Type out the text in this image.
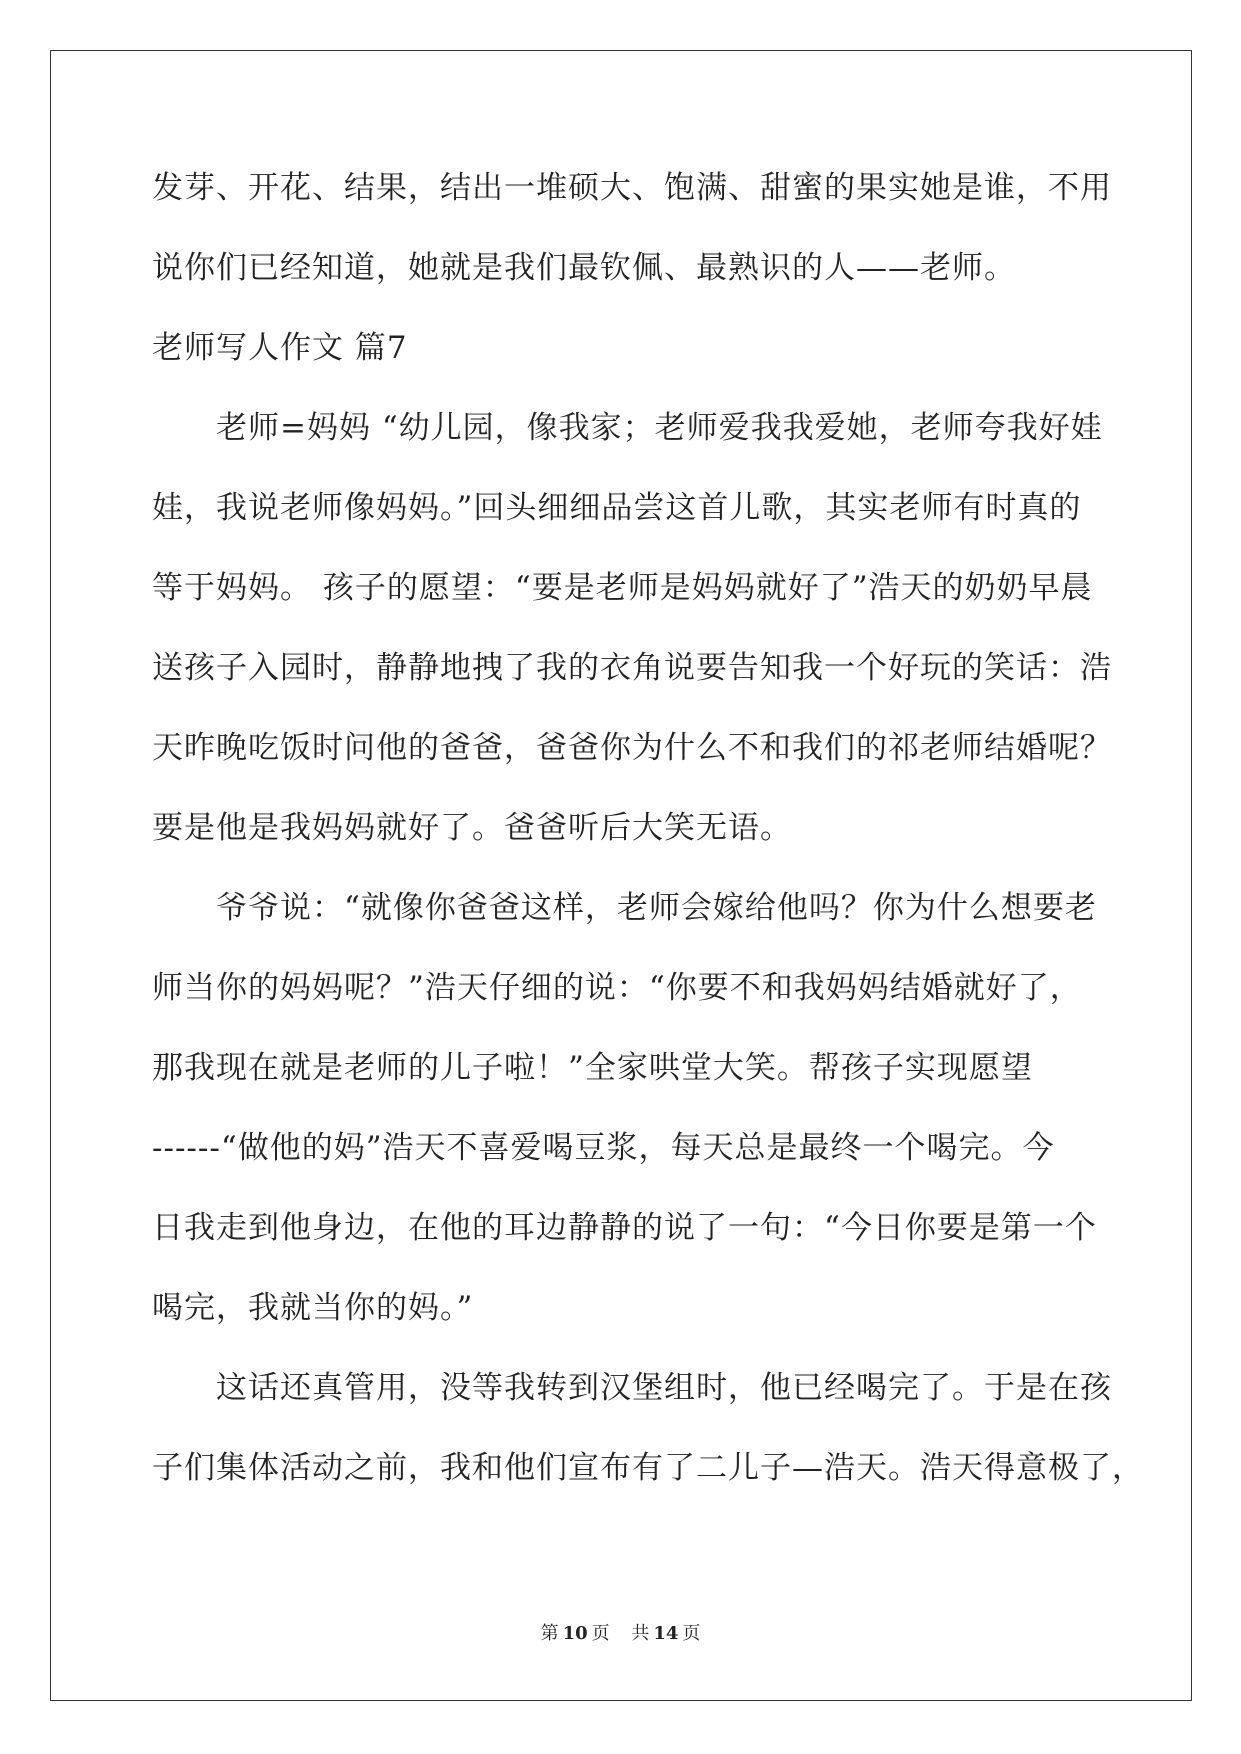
发芽、开花、结果，结出一堆硕大、饱满、甜蜜的果实她是谁，不用
说你们已经知道，她就是我们最钦佩、最熟识的人——老师。
老师写人作文 篇7
　　老师=妈妈 “幼儿园，像我家；老师爱我我爱她，老师夸我好娃
娃，我说老师像妈妈。”回头细细品尝这首儿歌，其实老师有时真的
等于妈妈。 孩子的愿望：“要是老师是妈妈就好了”浩天的奶奶早晨
送孩子入园时，静静地拽了我的衣角说要告知我一个好玩的笑话：浩
天昨晚吃饭时问他的爸爸，爸爸你为什么不和我们的祁老师结婚呢？
要是他是我妈妈就好了。爸爸听后大笑无语。
　　爷爷说：“就像你爸爸这样，老师会嫁给他吗？你为什么想要老
师当你的妈妈呢？”浩天仔细的说：“你要不和我妈妈结婚就好了，
那我现在就是老师的儿子啦！”全家哄堂大笑。帮孩子实现愿望
------“做他的妈”浩天不喜爱喝豆浆，每天总是最终一个喝完。今
日我走到他身边，在他的耳边静静的说了一句：“今日你要是第一个
喝完，我就当你的妈。”
　　这话还真管用，没等我转到汉堡组时，他已经喝完了。于是在孩
子们集体活动之前，我和他们宣布有了二儿子—浩天。浩天得意极了，
第 10 页 共 14 页
